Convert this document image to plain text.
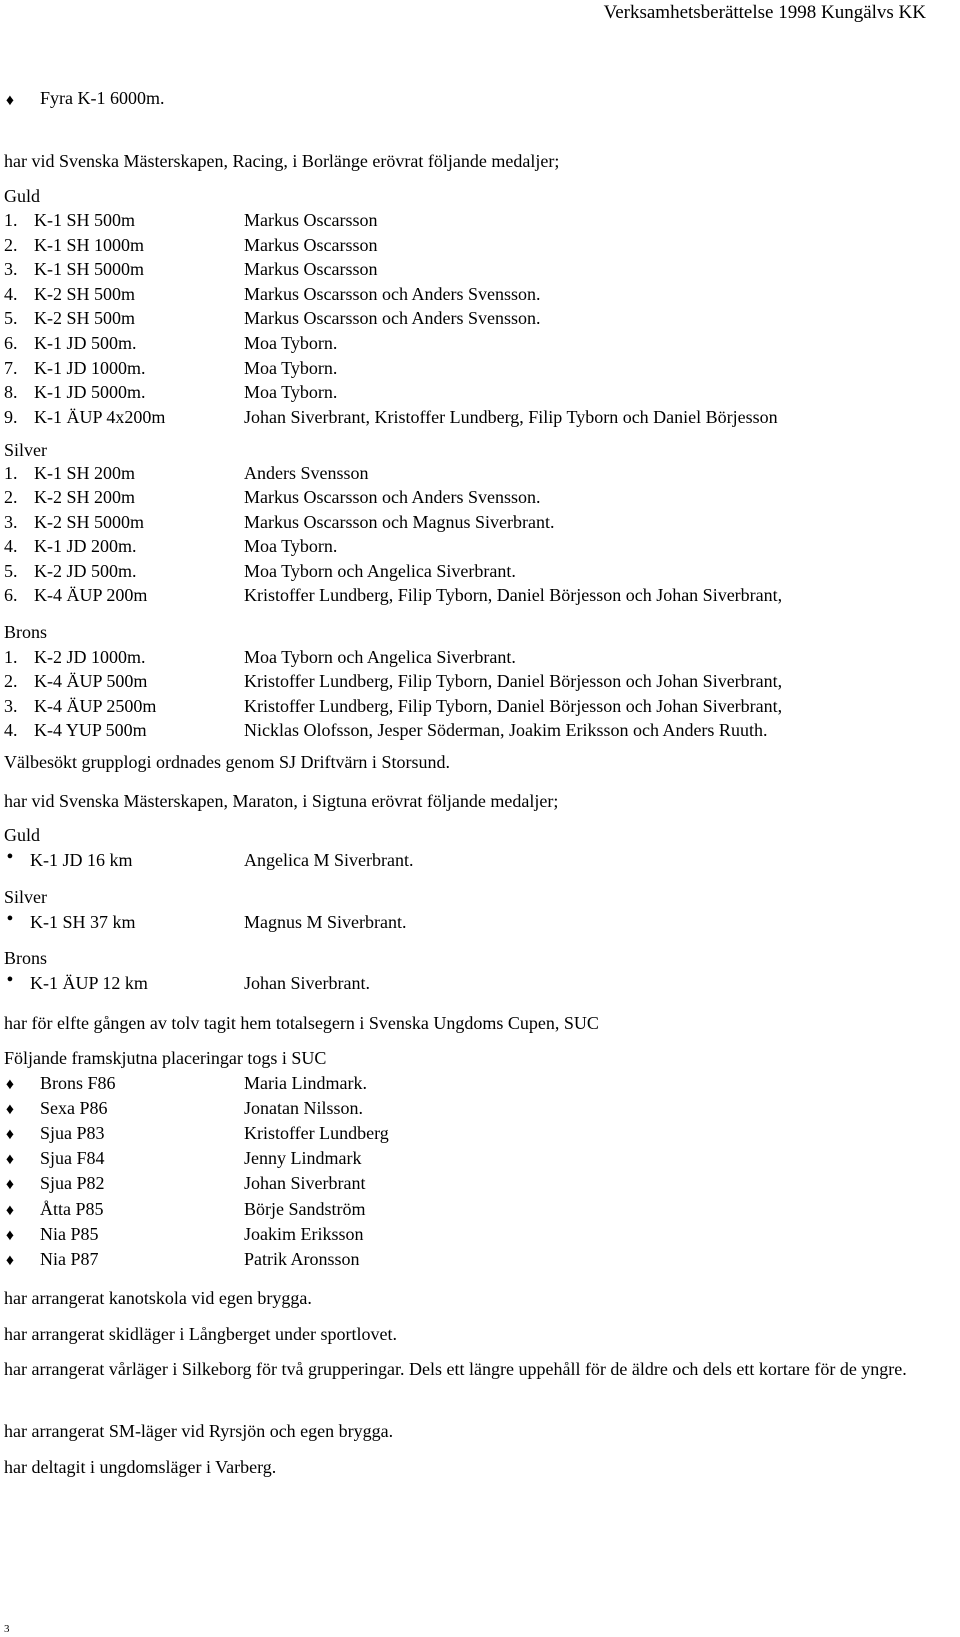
Verksamhetsberättelse 1998 Kungälvs KK
♦	Fyra K-1 6000m.
har vid Svenska Mästerskapen, Racing, i Borlänge erövrat följande medaljer;
Guld
1. K-1 SH 500m	Markus Oscarsson
2. K-1 SH 1000m	Markus Oscarsson
3. K-1 SH 5000m	Markus Oscarsson
4. K-2 SH 500m	Markus Oscarsson och Anders Svensson.
5. K-2 SH 500m	Markus Oscarsson och Anders Svensson.
6. K-1 JD 500m.	Moa Tyborn.
7. K-1 JD 1000m.	Moa Tyborn.
8. K-1 JD 5000m.	Moa Tyborn.
9. K-1 ÄUP 4x200m	Johan Siverbrant, Kristoffer Lundberg, Filip Tyborn och Daniel Börjesson
Silver
1. K-1 SH 200m	Anders Svensson
2. K-2 SH 200m	Markus Oscarsson och Anders Svensson.
3. K-2 SH 5000m	Markus Oscarsson och Magnus Siverbrant.
4. K-1 JD 200m.	Moa Tyborn.
5. K-2 JD 500m.	Moa Tyborn och Angelica Siverbrant.
6. K-4 ÄUP 200m	Kristoffer Lundberg, Filip Tyborn, Daniel Börjesson och Johan Siverbrant,
Brons
1. K-2 JD 1000m.	Moa Tyborn och Angelica Siverbrant.
2. K-4 ÄUP 500m	Kristoffer Lundberg, Filip Tyborn, Daniel Börjesson och Johan Siverbrant,
3. K-4 ÄUP 2500m	Kristoffer Lundberg, Filip Tyborn, Daniel Börjesson och Johan Siverbrant,
4. K-4 YUP 500m	Nicklas Olofsson, Jesper Söderman, Joakim Eriksson och Anders Ruuth.
Välbesökt grupplogi ordnades genom SJ Driftvärn i Storsund.
har vid Svenska Mästerskapen, Maraton, i Sigtuna erövrat följande medaljer;
Guld
● K-1 JD 16 km	Angelica M Siverbrant.
Silver
● K-1 SH 37 km	Magnus M Siverbrant.
Brons
● K-1 ÄUP 12 km	Johan Siverbrant.
har för elfte gången av tolv tagit hem totalsegern i Svenska Ungdoms Cupen, SUC
Följande framskjutna placeringar togs i SUC
♦	Brons F86	Maria Lindmark.
♦	Sexa P86	Jonatan Nilsson.
♦	Sjua P83	Kristoffer Lundberg
♦	Sjua F84	Jenny Lindmark
♦	Sjua P82	Johan Siverbrant
♦	Åtta P85	Börje Sandström
♦	Nia P85	Joakim Eriksson
♦	Nia P87	Patrik Aronsson
har arrangerat kanotskola vid egen brygga.
har arrangerat skidläger i Långberget under sportlovet.
har arrangerat vårläger i Silkeborg för två grupperingar. Dels ett längre uppehåll för de äldre och dels ett kortare för de yngre.
har arrangerat SM-läger vid Ryrsjön och egen brygga.
har deltagit i ungdomsläger i Varberg.
3
